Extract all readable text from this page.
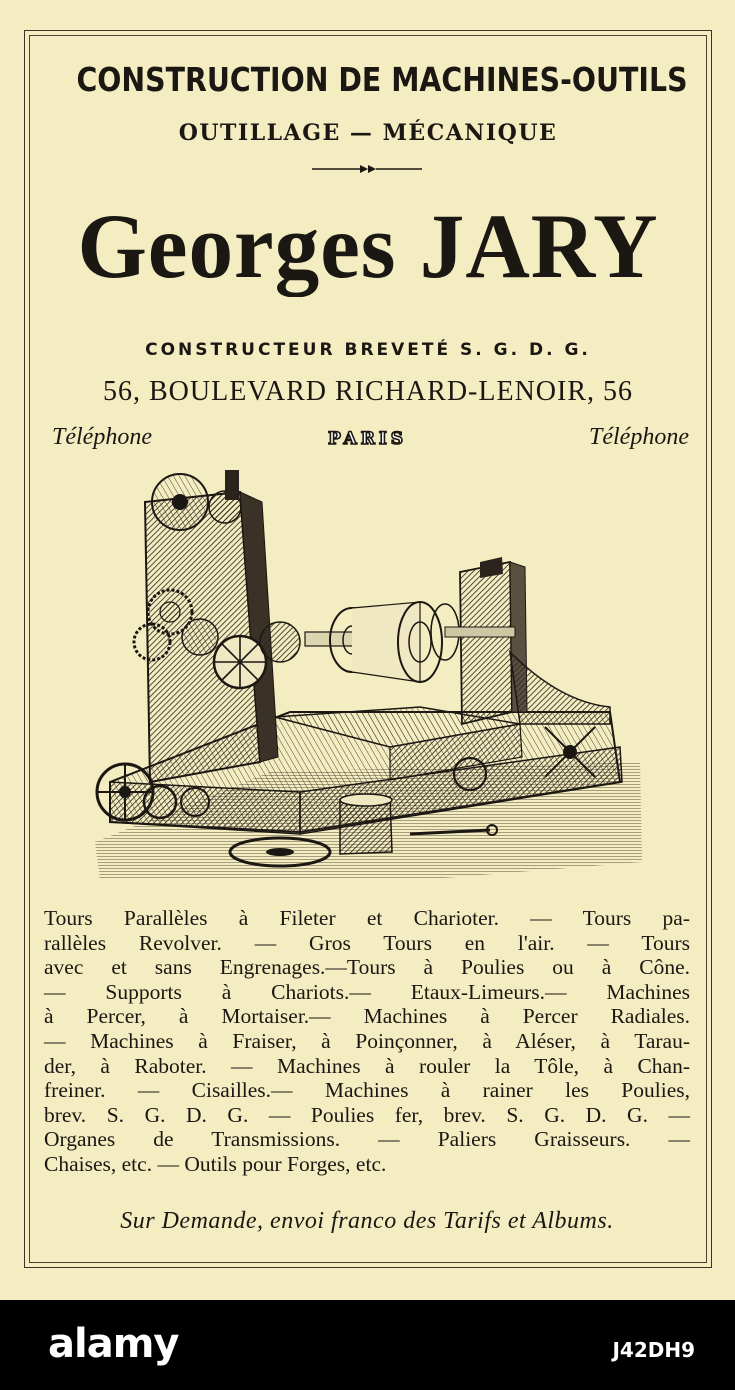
CONSTRUCTION DE MACHINES-OUTILS
OUTILLAGE — MÉCANIQUE
Georges JARY
CONSTRUCTEUR BREVETÉ S. G. D. G.
56, BOULEVARD RICHARD-LENOIR, 56
Téléphone	PARIS	Téléphone
Tours Parallèles à Fileter et Charioter. — Tours pa-
rallèles Revolver. — Gros Tours en l'air. — Tours
avec et sans Engrenages.—Tours à Poulies ou à Cône.
— Supports à Chariots.— Etaux-Limeurs.— Machines
à Percer, à Mortaiser.— Machines à Percer Radiales.
— Machines à Fraiser, à Poinçonner, à Aléser, à Tarau-
der, à Raboter. — Machines à rouler la Tôle, à Chan-
freiner. — Cisailles.— Machines à rainer les Poulies,
brev. S. G. D. G. — Poulies fer, brev. S. G. D. G. —
Organes de Transmissions. — Paliers Graisseurs. —
Chaises, etc. — Outils pour Forges, etc.
Sur Demande, envoi franco des Tarifs et Albums.
alamy	J42DH9
